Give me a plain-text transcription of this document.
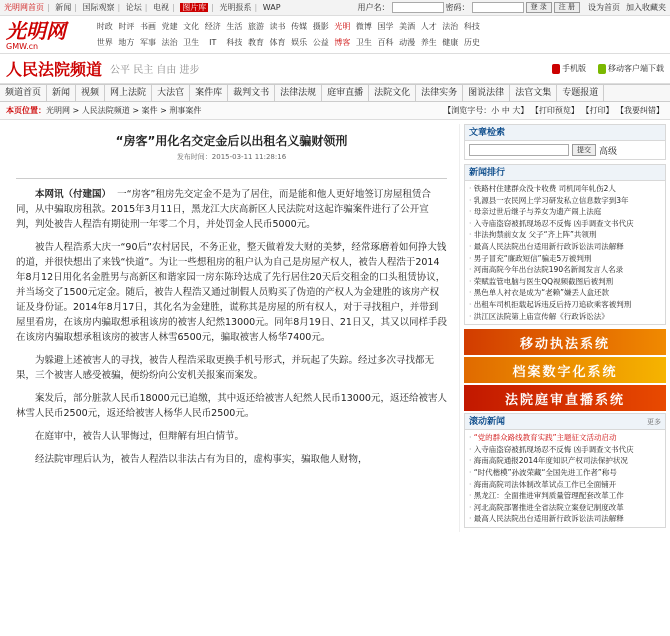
光明网首页 | 新闻 | 国际观察 | 论坛 | 电视 | 图片库 | 光明报系 | WAP	用户名：	密码：	登 录	注 册	设为首页 加入收藏夹
光明网
GMW.cn
时政 时评 书画 党建 文化 经济 生活 旅游 读书 传媒 摄影 光明 微博 国学 美酒 人才 法治 科技
世界 地方 军事 法治 卫生	IT	科技 教育 体育 娱乐 公益 博客 卫生 百科 动漫 养生 健康 历史
人民法院频道 公平 民主 自由 进步	手机版	移动客户端下载
频道首页	新闻	视频	网上法院	大法官	案件库	裁判文书	法律法规	庭审直播	法院文化	法律实务	图说法律	法官文集	专题报道
本页位置： 光明网 > 人民法院频道 > 案件 > 刑事案件	【浏览字号：小 中 大】 【打印预览】 【打印】 【我要纠错】
“房客”用化名交定金后以出租名义骗财领刑
发布时间：2015-03-11 11:28:16

本网讯（付建国） 一“房客”租房先交定金不是为了居住，而是能和他人更好地签订房屋租赁合同，从中骗取房租款。2015年3月11日，黑龙江大庆高新区人民法院对这起诈骗案件进行了公开宣判，判处被告人程浩有期徒刑一年零二个月，并处罚金人民币5000元。

被告人程浩系大庆一“90后”农村居民，不务正业，整天做着发大财的美梦，经常琢磨着如何挣大钱的道，并很快想出了来钱“快道”。为让一些想租房的租户认为自己是房屋产权人，被告人程浩于2014年8月12日用化名金胜男与高新区和谐家园一房东陈玲达成了先行居住20天后交租金的口头租赁协议，并当场交了1500元定金。随后，被告人程浩又通过制假人员购买了伪造的产权人为金建胜的该房产权证及身份证。2014年8月17日，其化名为金建胜，谎称其是房屋的所有权人，对于寻找租户，并带到屋里看房，在该房内骗取想承租该房的被害人纪然13000元。同年8月19日、21日又，其又以同样手段在该房内骗取想承租该房的被害人林雪6500元，骗取被害人杨华7400元。

为躲避上述被害人的寻找，被告人程浩采取更换手机号形式，并玩起了失踪。经过多次寻找都无果，三个被害人感受被骗，便纷纷向公安机关报案而案发。

案发后，部分脏款人民币18000元已追缴，其中返还给被害人纪然人民币13000元，返还给被害人林雪人民币2500元，返还给被害人杨华人民币2500元。

在庭审中，被告人认罪悔过，但辩解有坦白情节。

经法院审理后认为，被告人程浩以非法占有为目的，虚构事实，骗取他人财物，

文章检索
提交 高级
新闻排行
· 铁路村住建群众没卡收费 司机同年轧伤2人
· 乳源县一农民网上学习研发私立信息数字到3年
· 母亲过世后继子与养女为遗产闹上法庭
· 入寺庙盗窃被抓现场忍不反悔 凶手调查文书代庆
· 非法拘禁前女友 父子“齐上阵”共领刑
· 最高人民法院出台适用新行政诉讼法司法解释
· 男子冒充“廉政短信”骗走5万被判刑
· 河南高院今年出台法院190名新闻发言人名录
· 荣赋监管电脑与医生QQ视频截图后被判刑
· 黑色单人衬衣是成为“老赖”嫌丢人盒还款
· 出租车司机拒载起诉违反后持刀追砍乘客被判刑
· 洪江区法院第上庙宣传解《行政诉讼法》
移动执法系统
档案数字化系统
法院庭审直播系统
滚动新闻	更多
· “党的群众路线教育实践”主题征文活动启动
· 入寺庙盗窃被抓现场忍不反悔 凶手调查文书代庆
· 海南高院通报2014年度知识产权司法保护状况
· “时代楷模”孙波荣藏“全国先进工作者”称号
· 海南高院司法体制改革试点工作已全面铺开
· 黑龙江：全面推进审判质量管理配套改革工作
· 河北高院部署推进全省法院立案登记制度改革
· 最高人民法院出台适用新行政诉讼法司法解释
